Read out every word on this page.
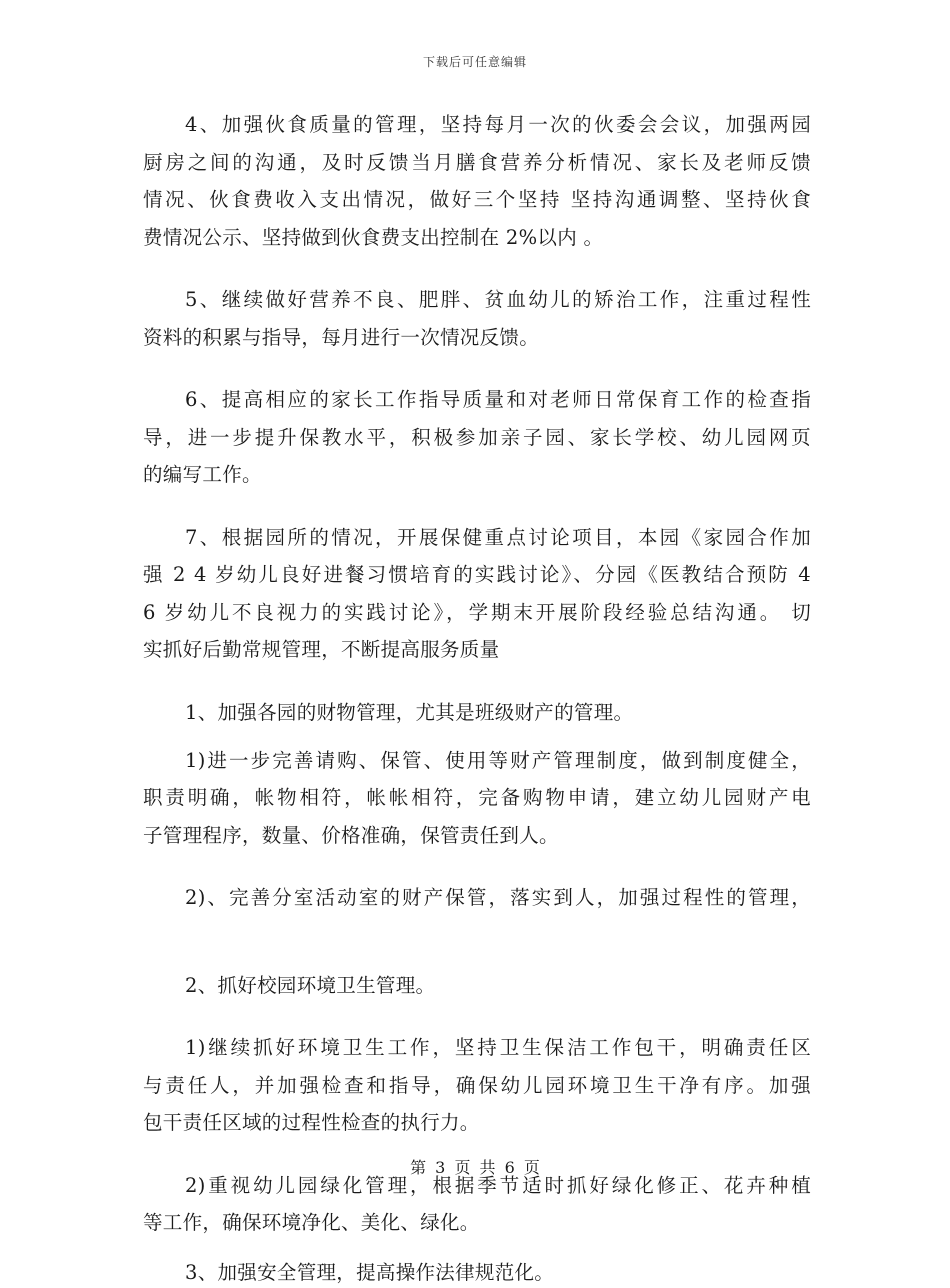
下载后可任意编辑
4、加强伙食质量的管理，坚持每月一次的伙委会会议，加强两园
厨房之间的沟通，及时反馈当月膳食营养分析情况、家长及老师反馈
情况、伙食费收入支出情况，做好三个坚持 坚持沟通调整、坚持伙食
费情况公示、坚持做到伙食费支出控制在 2%以内 。
5、继续做好营养不良、肥胖、贫血幼儿的矫治工作，注重过程性
资料的积累与指导，每月进行一次情况反馈。
6、提高相应的家长工作指导质量和对老师日常保育工作的检查指
导，进一步提升保教水平，积极参加亲子园、家长学校、幼儿园网页
的编写工作。
7、根据园所的情况，开展保健重点讨论项目，本园《家园合作加
强 2 4 岁幼儿良好进餐习惯培育的实践讨论》、分园《医教结合预防 4
6 岁幼儿不良视力的实践讨论》，学期末开展阶段经验总结沟通。 切
实抓好后勤常规管理，不断提高服务质量
1、加强各园的财物管理，尤其是班级财产的管理。
1)进一步完善请购、保管、使用等财产管理制度，做到制度健全，
职责明确，帐物相符，帐帐相符，完备购物申请，建立幼儿园财产电
子管理程序，数量、价格准确，保管责任到人。
2)、完善分室活动室的财产保管，落实到人，加强过程性的管理，
2、抓好校园环境卫生管理。
1)继续抓好环境卫生工作，坚持卫生保洁工作包干，明确责任区
与责任人，并加强检查和指导，确保幼儿园环境卫生干净有序。加强
包干责任区域的过程性检查的执行力。
2)重视幼儿园绿化管理，根据季节适时抓好绿化修正、花卉种植
等工作，确保环境净化、美化、绿化。
3、加强安全管理，提高操作法律规范化。
第 3 页 共 6 页
